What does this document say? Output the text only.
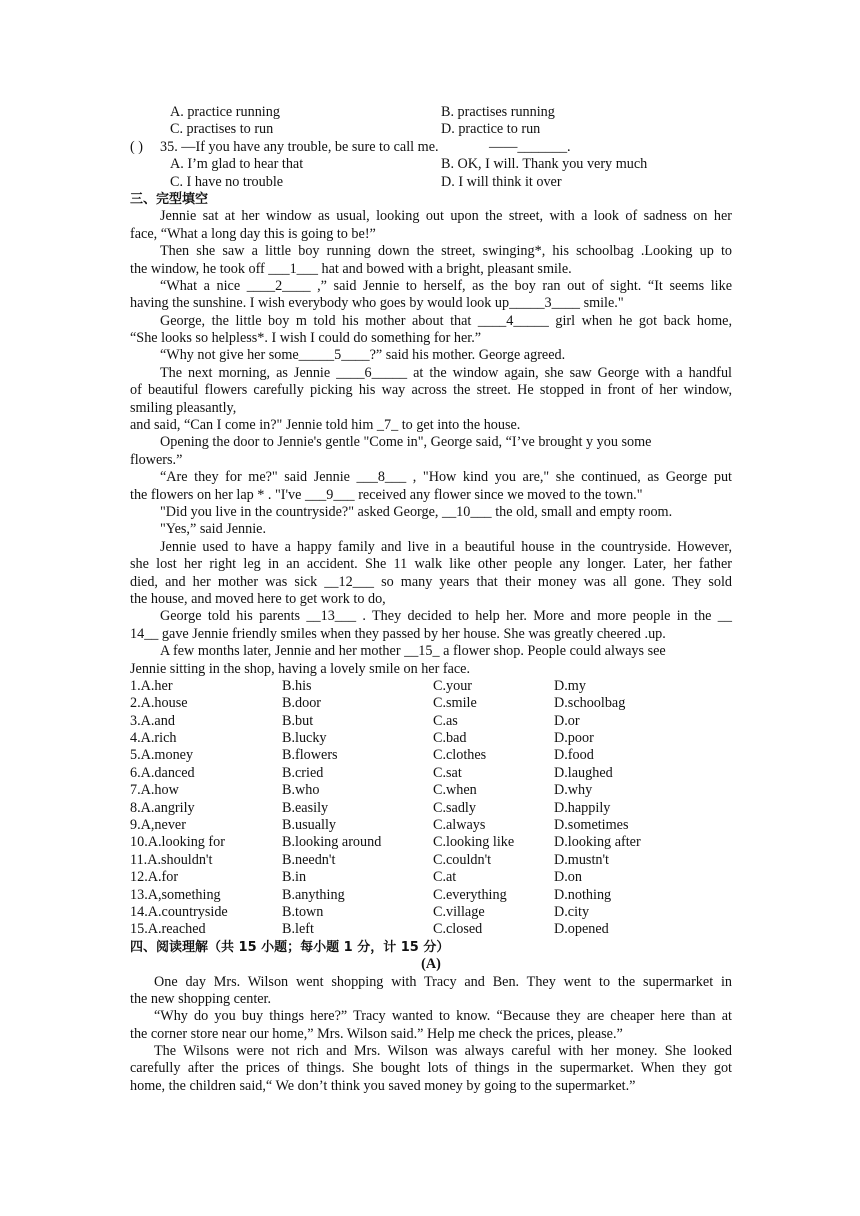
A. practice running	B. practises running
C. practises to run	D. practice to run
( ) 35. —If you have any trouble, be sure to call me.	——_______.
A. I’m glad to hear that	B. OK, I will. Thank you very much
C. I have no trouble	D. I will think it over
三、完型填空
Jennie sat at her window as usual, looking out upon the street, with a look of sadness on her
face, “What a long day this is going to be!”
Then she saw a little boy running down the street, swinging*, his schoolbag .Looking up to
the window, he took off ___1___ hat and bowed with a bright, pleasant smile.
“What a nice ____2____ ,” said Jennie to herself, as the boy ran out of sight. “It seems like
having the sunshine. I wish everybody who goes by would look up_____3____ smile."
George, the little boy m told his mother about that ____4_____ girl when he got back home,
“She looks so helpless*. I wish I could do something for her.”
“Why not give her some_____5____?” said his mother. George agreed.
The next morning, as Jennie ____6_____ at the window again, she saw George with a handful
of beautiful flowers carefully picking his way across the street. He stopped in front of her window,
smiling pleasantly,
and said, “Can I come in?" Jennie told him _7_ to get into the house.
Opening the door to Jennie's gentle "Come in", George said, “I’ve brought y you some
flowers.”
“Are they for me?" said Jennie ___8___ , "How kind you are," she continued, as George put
the flowers on her lap * . "I've ___9___ received any flower since we moved to the town."
"Did you live in the countryside?" asked George, __10___ the old, small and empty room.
"Yes,” said Jennie.
Jennie used to have a happy family and live in a beautiful house in the countryside. However,
she lost her right leg in an accident. She 11 walk like other people any longer. Later, her father
died, and her mother was sick __12___ so many years that their money was all gone. They sold
the house, and moved here to get work to do,
George told his parents __13___ . They decided to help her. More and more people in the __
14__ gave Jennie friendly smiles when they passed by her house. She was greatly cheered .up.
A few months later, Jennie and her mother __15_ a flower shop. People could always see
Jennie sitting in the shop, having a lovely smile on her face.
1.A.her	B.his	C.your	D.my
2.A.house	B.door	C.smile	D.schoolbag
3.A.and	B.but	C.as	D.or
4.A.rich	B.lucky	C.bad	D.poor
5.A.money	B.flowers	C.clothes	D.food
6.A.danced	B.cried	C.sat	D.laughed
7.A.how	B.who	C.when	D.why
8.A.angrily	B.easily	C.sadly	D.happily
9.A,never	B.usually	C.always	D.sometimes
10.A.looking for	B.looking around	C.looking like	D.looking after
11.A.shouldn't	B.needn't	C.couldn't	D.mustn't
12.A.for	B.in	C.at	D.on
13.A,something	B.anything	C.everything	D.nothing
14.A.countryside	B.town	C.village	D.city
15.A.reached	B.left	C.closed	D.opened
四、阅读理解（共 15 小题；每小题 1 分，计 15 分）
(A)
One day Mrs. Wilson went shopping with Tracy and Ben. They went to the supermarket in
the new shopping center.
“Why do you buy things here?” Tracy wanted to know. “Because they are cheaper here than at
the corner store near our home,” Mrs. Wilson said.” Help me check the prices, please.”
The Wilsons were not rich and Mrs. Wilson was always careful with her money. She looked
carefully after the prices of things. She bought lots of things in the supermarket. When they got
home, the children said,“ We don’t think you saved money by going to the supermarket.”
